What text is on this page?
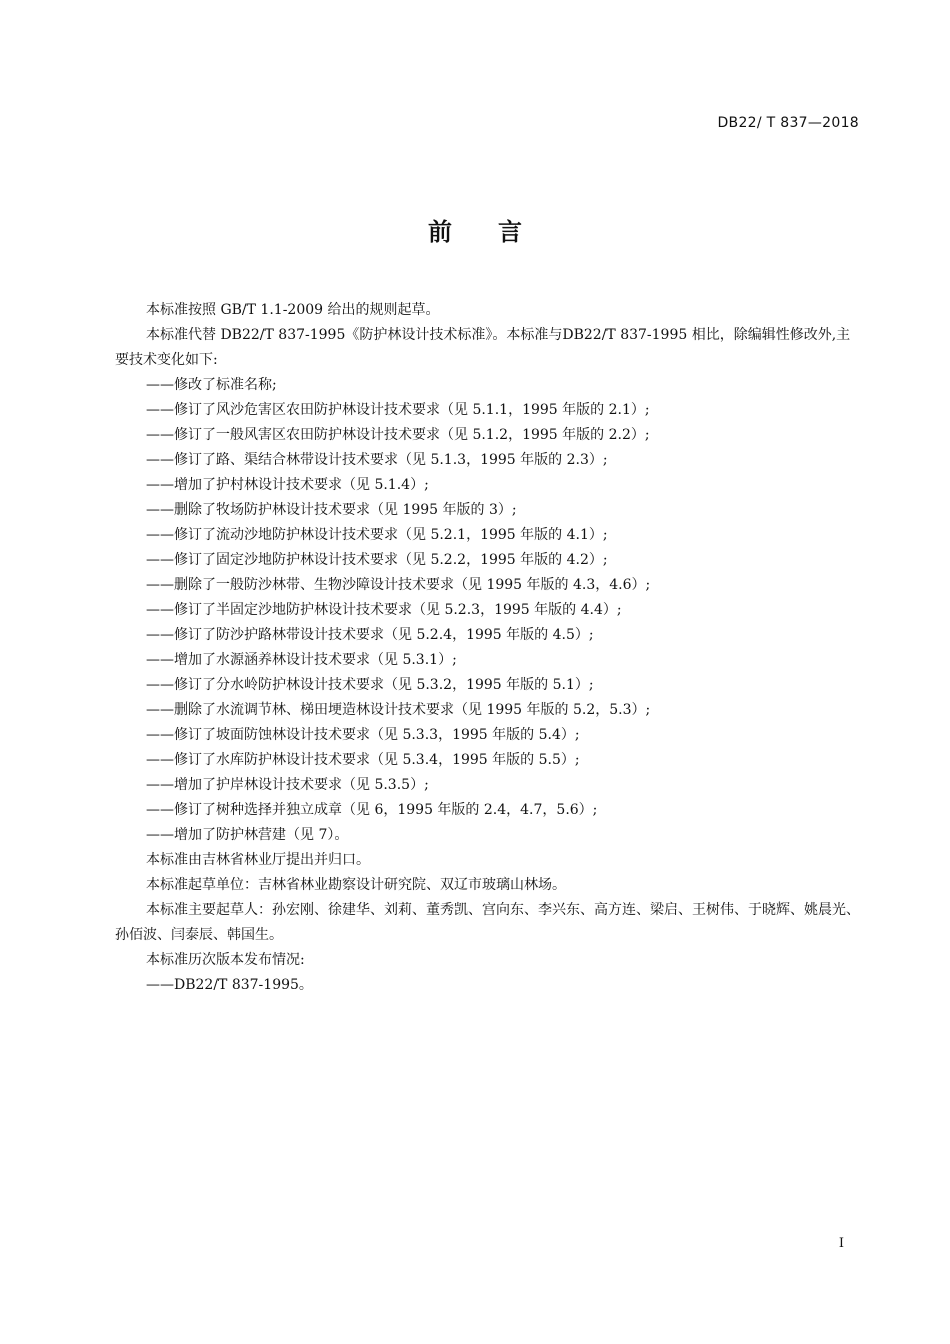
DB22/ T 837—2018
前言

本标准按照 GB/T 1.1-2009 给出的规则起草。

本标准代替 DB22/T 837-1995《防护林设计技术标准》。本标准与DB22/T 837-1995 相比，除编辑性修改外,主要技术变化如下:

——修改了标准名称;

——修订了风沙危害区农田防护林设计技术要求（见 5.1.1，1995 年版的 2.1）;

——修订了一般风害区农田防护林设计技术要求（见 5.1.2，1995 年版的 2.2）;

——修订了路、渠结合林带设计技术要求（见 5.1.3，1995 年版的 2.3）;

——增加了护村林设计技术要求（见 5.1.4）;

——删除了牧场防护林设计技术要求（见 1995 年版的 3）;

——修订了流动沙地防护林设计技术要求（见 5.2.1，1995 年版的 4.1）;

——修订了固定沙地防护林设计技术要求（见 5.2.2，1995 年版的 4.2）;

——删除了一般防沙林带、生物沙障设计技术要求（见 1995 年版的 4.3，4.6）;

——修订了半固定沙地防护林设计技术要求（见 5.2.3，1995 年版的 4.4）;

——修订了防沙护路林带设计技术要求（见 5.2.4，1995 年版的 4.5）;

——增加了水源涵养林设计技术要求（见 5.3.1）;

——修订了分水岭防护林设计技术要求（见 5.3.2，1995 年版的 5.1）;

——删除了水流调节林、梯田埂造林设计技术要求（见 1995 年版的 5.2，5.3）;

——修订了坡面防蚀林设计技术要求（见 5.3.3，1995 年版的 5.4）;

——修订了水库防护林设计技术要求（见 5.3.4，1995 年版的 5.5）;

——增加了护岸林设计技术要求（见 5.3.5）;

——修订了树种选择并独立成章（见 6，1995 年版的 2.4，4.7，5.6）;

——增加了防护林营建（见 7）。

本标准由吉林省林业厅提出并归口。

本标准起草单位：吉林省林业勘察设计研究院、双辽市玻璃山林场。

本标准主要起草人：孙宏刚、徐建华、刘莉、董秀凯、宫向东、李兴东、高方连、梁启、王树伟、于晓辉、姚晨光、孙佰波、闫泰辰、韩国生。

本标准历次版本发布情况:

——DB22/T 837-1995。

I
